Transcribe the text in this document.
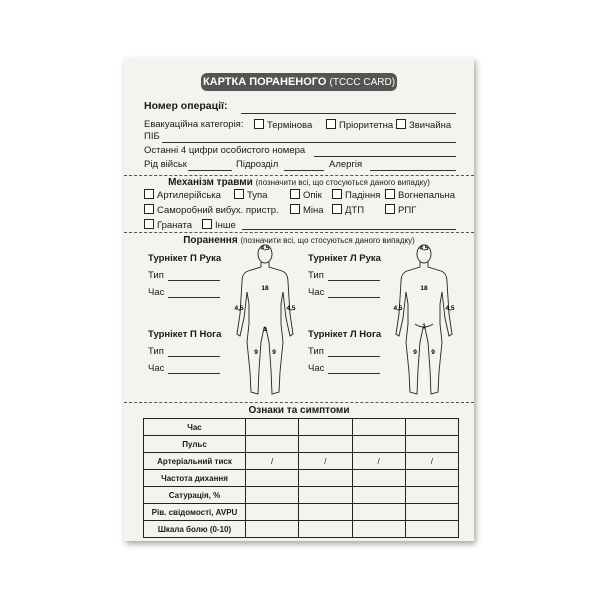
КАРТКА ПОРАНЕНОГО (TCCC CARD)
Номер операції:
Евакуаційна категорія:	Термінова	Пріоритетна	Звичайна
ПІБ
Останні 4 цифри особистого номера
Рід військ	Підрозділ	Алергія
Механізм травми (позначити всі, що стосуються даного випадку)
Артилерійська	Тупа	Опік	Падіння	Вогнепальна
Саморобний вибух. пристр.	Міна	ДТП	РПГ
Граната	Інше
Поранення (позначити всі, що стосуються даного випадку)
Турнікет П Рука
Тип
Час
Турнікет Л Рука
Тип
Час
Турнікет П Нога
Тип
Час
Турнікет Л Нога
Тип
Час
4,5
18
4,5	4,5
1
9 9
4,5
18
4,5	4,5
1
9 9
Ознаки та симптоми
Час				
Пульс				
Артеріальний тиск	/	/	/	/
Частота дихання				
Сатурація, %				
Рів. свідомості, AVPU				
Шкала болю (0-10)				
